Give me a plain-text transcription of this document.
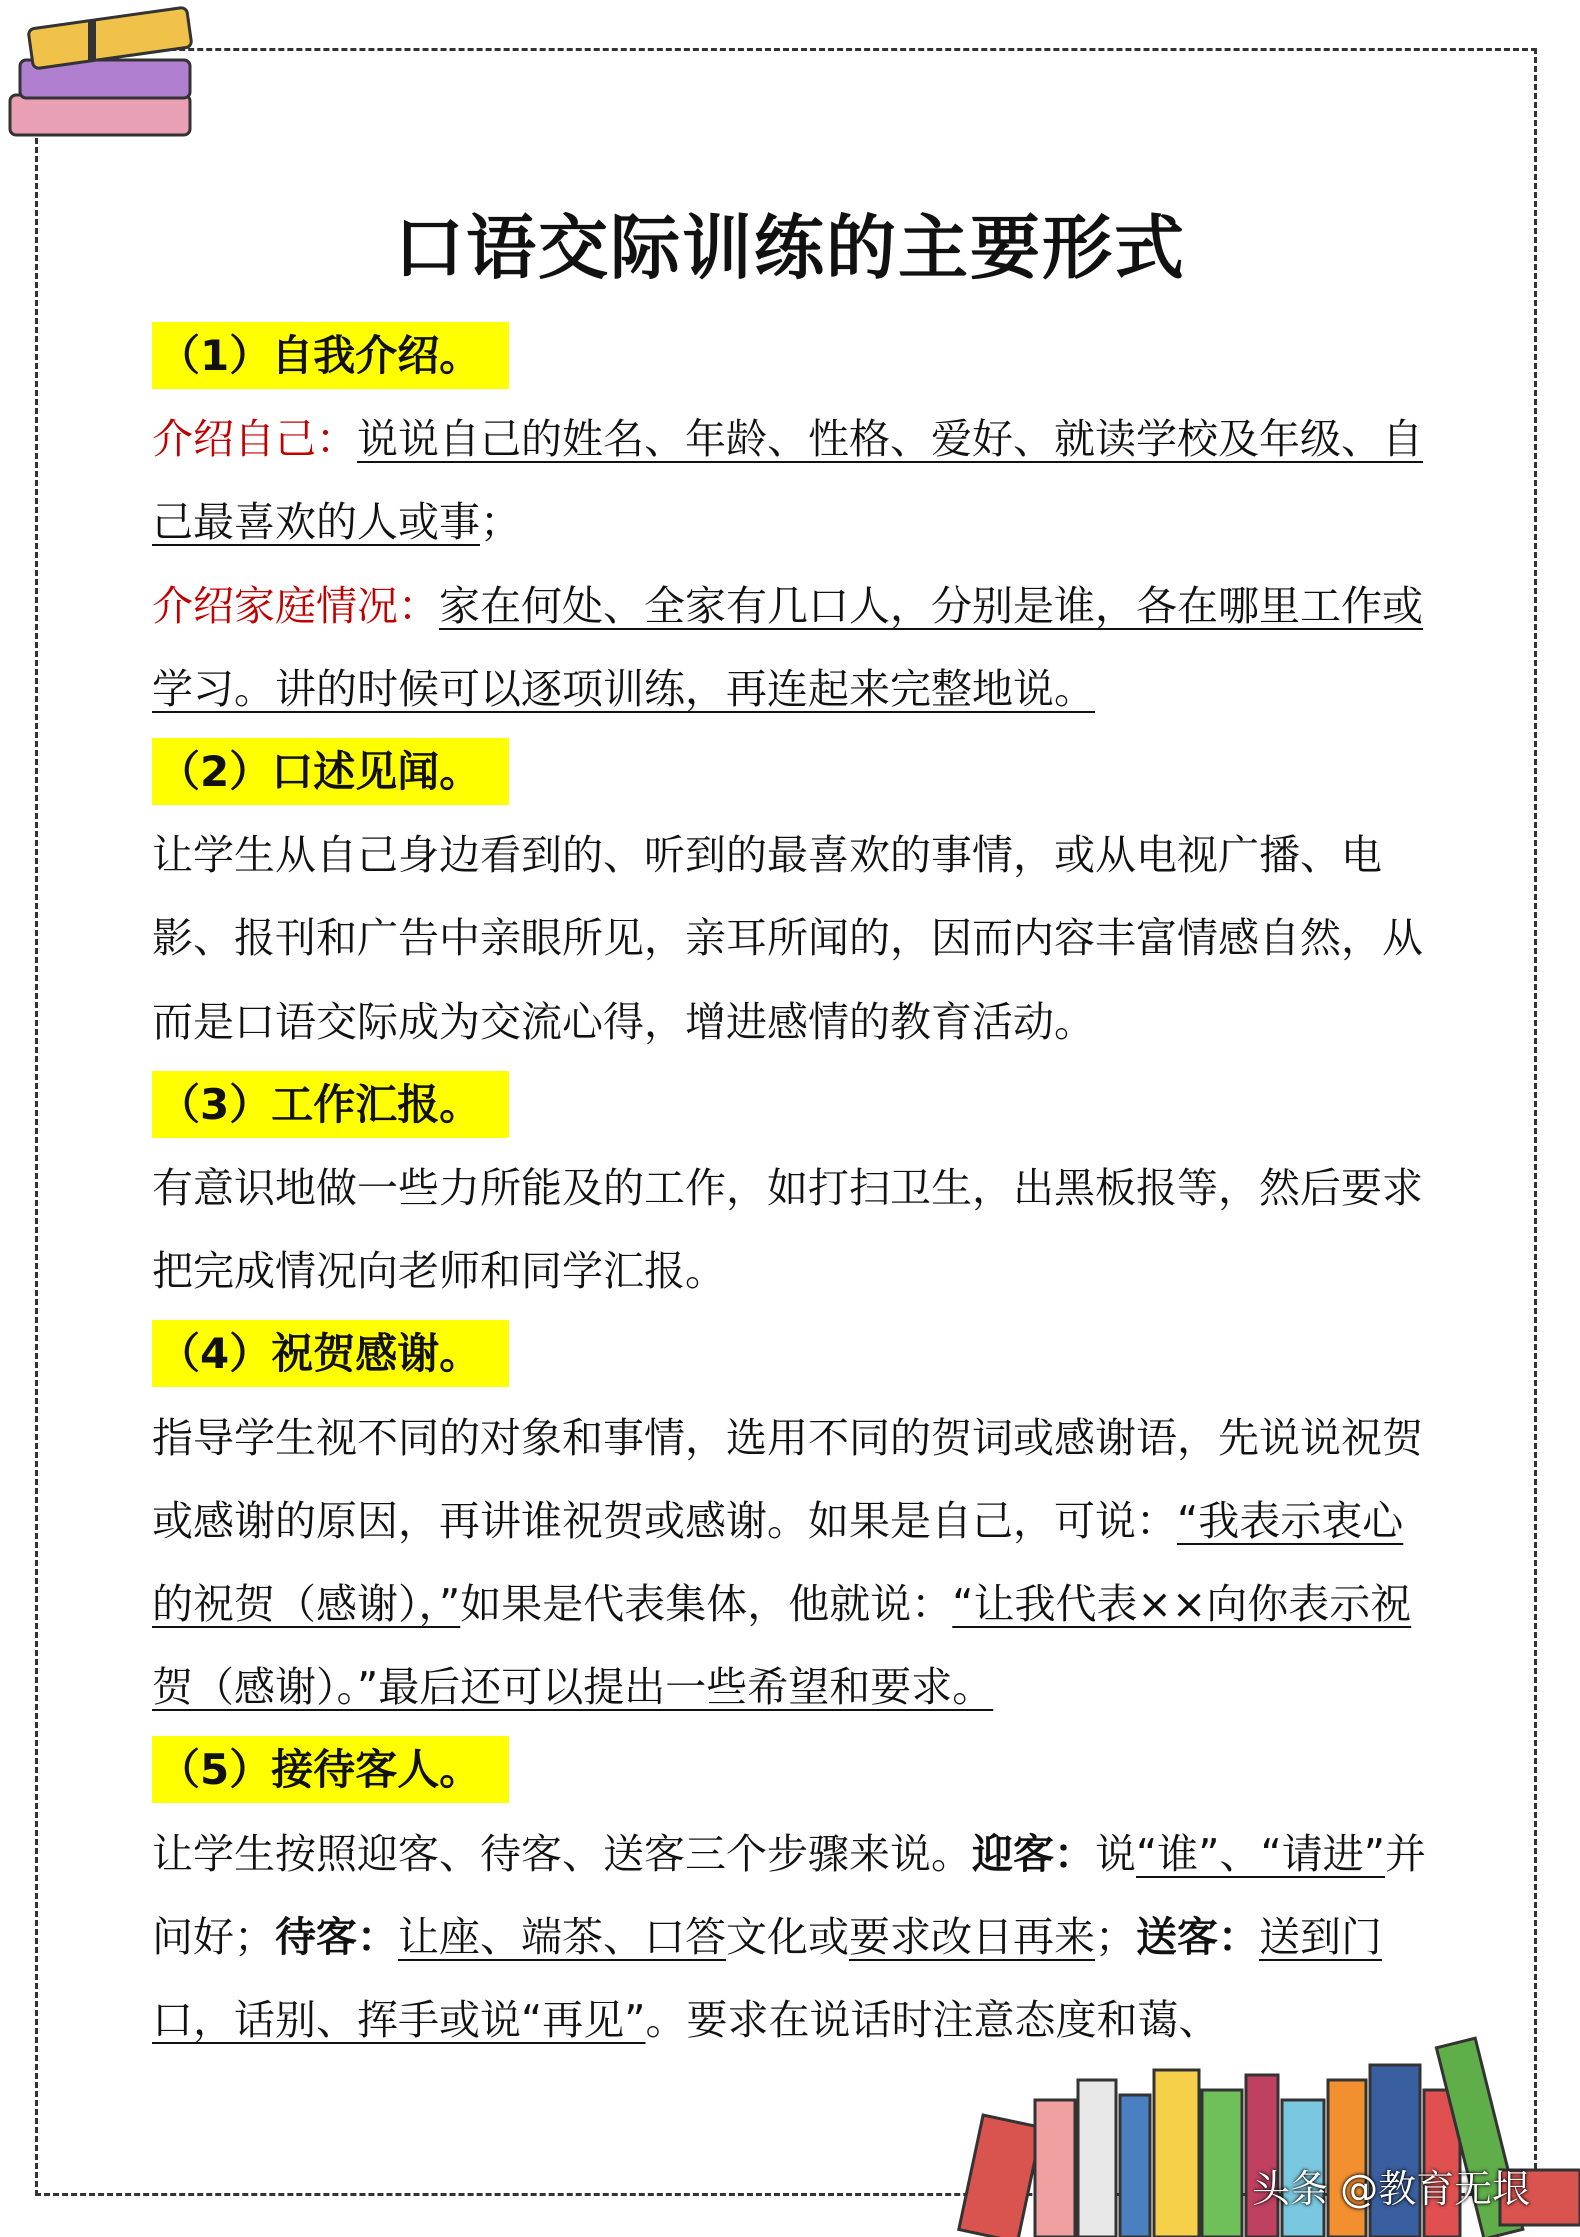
口语交际训练的主要形式
（1）自我介绍。

介绍自己：说说自己的姓名、年龄、性格、爱好、就读学校及年级、自己最喜欢的人或事；

介绍家庭情况：家在何处、全家有几口人，分别是谁，各在哪里工作或学习。讲的时候可以逐项训练，再连起来完整地说。

（2）口述见闻。

让学生从自己身边看到的、听到的最喜欢的事情，或从电视广播、电影、报刊和广告中亲眼所见，亲耳所闻的，因而内容丰富情感自然，从而是口语交际成为交流心得，增进感情的教育活动。

（3）工作汇报。

有意识地做一些力所能及的工作，如打扫卫生，出黑板报等，然后要求把完成情况向老师和同学汇报。

（4）祝贺感谢。

指导学生视不同的对象和事情，选用不同的贺词或感谢语，先说说祝贺或感谢的原因，再讲谁祝贺或感谢。如果是自己，可说：“我表示衷心的祝贺（感谢），”如果是代表集体，他就说：“让我代表××向你表示祝贺（感谢）。”最后还可以提出一些希望和要求。

（5）接待客人。

让学生按照迎客、待客、送客三个步骤来说。迎客：说“谁”、“请进”并问好；待客：让座、端茶、口答文化或要求改日再来；送客：送到门口，话别、挥手或说“再见”。要求在说话时注意态度和蔼、

头条 @教育无垠
